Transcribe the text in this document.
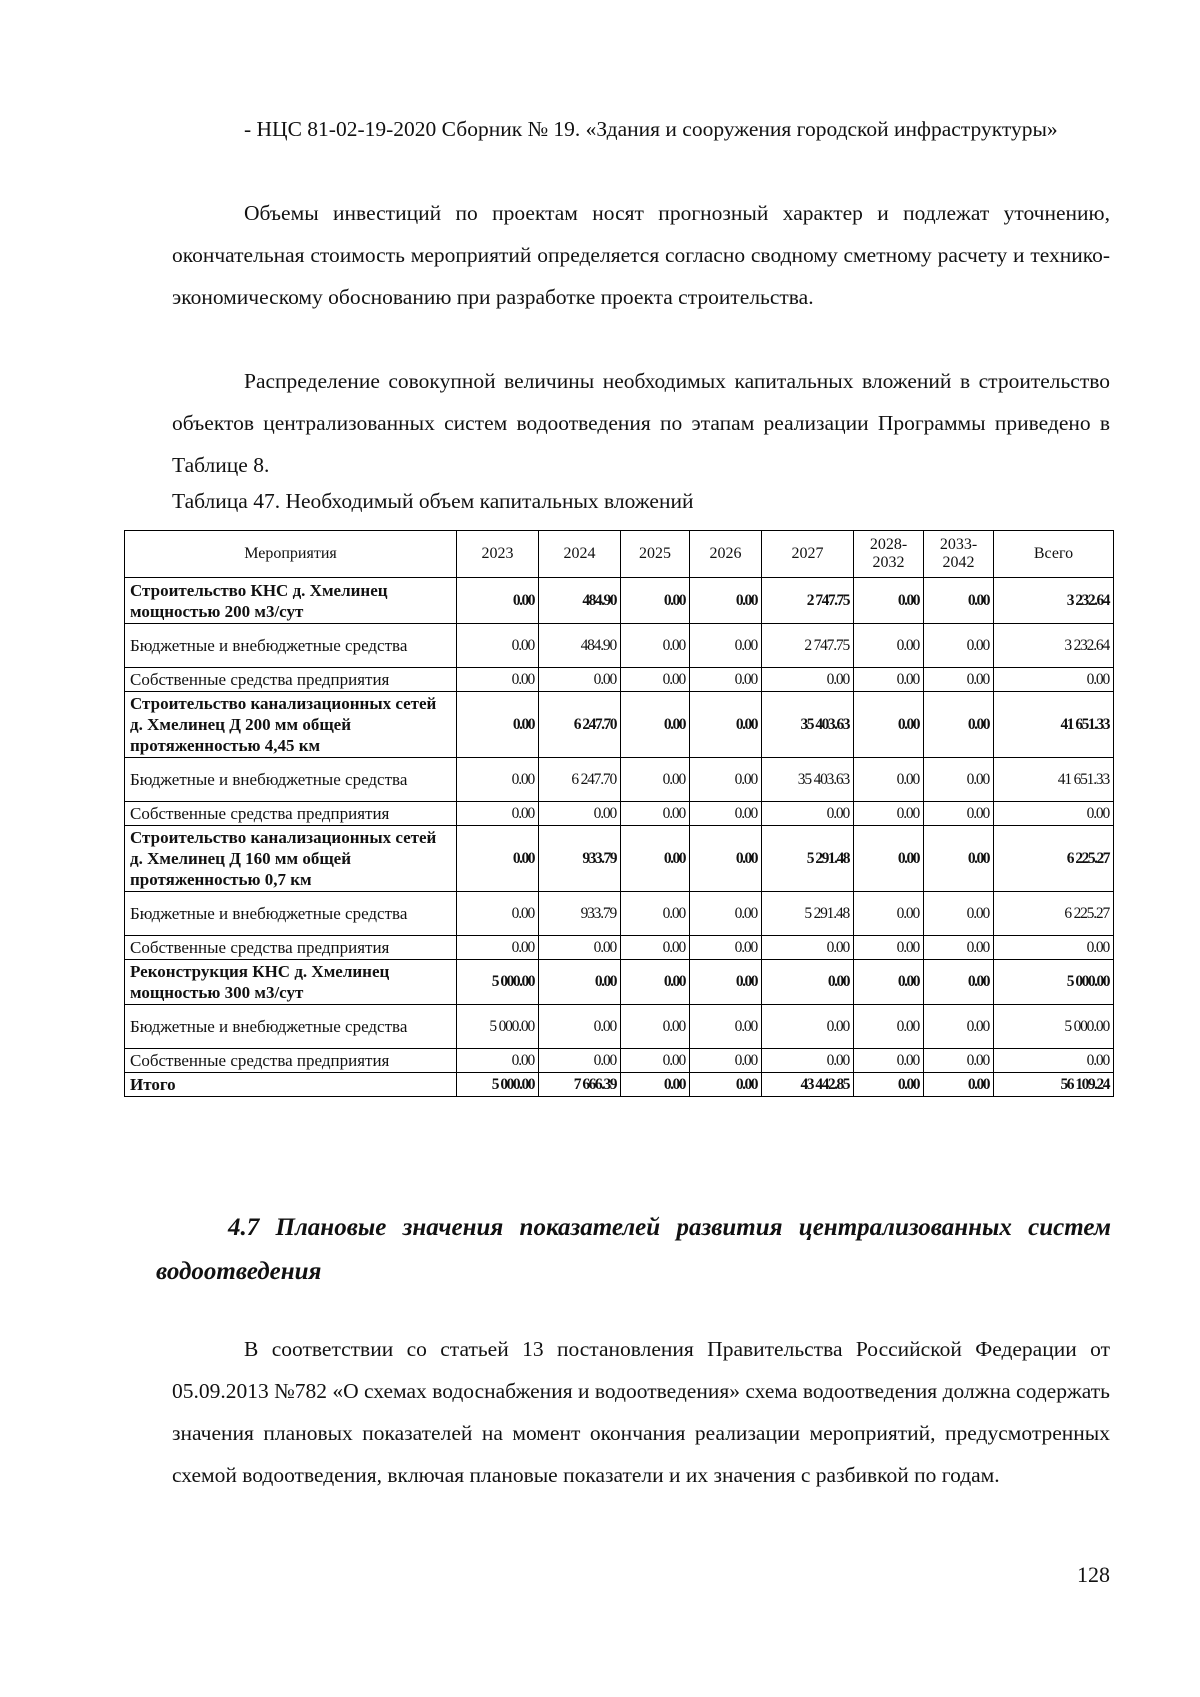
- НЦС 81-02-19-2020 Сборник № 19. «Здания и сооружения городской инфраструктуры»

Объемы инвестиций по проектам носят прогнозный характер и подлежат уточнению, окончательная стоимость мероприятий определяется согласно сводному сметному расчету и технико-экономическому обоснованию при разработке проекта строительства.

Распределение совокупной величины необходимых капитальных вложений в строительство объектов централизованных систем водоотведения по этапам реализации Программы приведено в Таблице 8.

Таблица 47. Необходимый объем капитальных вложений

Мероприятия	2023	2024	2025	2026	2027	2028-2032	2033-2042	Всего
Строительство КНС д. Хмелинец мощностью 200 м3/сут	0.00	484.90	0.00	0.00	2 747.75	0.00	0.00	3 232.64
Бюджетные и внебюджетные средства	0.00	484.90	0.00	0.00	2 747.75	0.00	0.00	3 232.64
Собственные средства предприятия	0.00	0.00	0.00	0.00	0.00	0.00	0.00	0.00
Строительство канализационных сетей д. Хмелинец Д 200 мм общей протяженностью 4,45 км	0.00	6 247.70	0.00	0.00	35 403.63	0.00	0.00	41 651.33
Бюджетные и внебюджетные средства	0.00	6 247.70	0.00	0.00	35 403.63	0.00	0.00	41 651.33
Собственные средства предприятия	0.00	0.00	0.00	0.00	0.00	0.00	0.00	0.00
Строительство канализационных сетей д. Хмелинец Д 160 мм общей протяженностью 0,7 км	0.00	933.79	0.00	0.00	5 291.48	0.00	0.00	6 225.27
Бюджетные и внебюджетные средства	0.00	933.79	0.00	0.00	5 291.48	0.00	0.00	6 225.27
Собственные средства предприятия	0.00	0.00	0.00	0.00	0.00	0.00	0.00	0.00
Реконструкция КНС д. Хмелинец мощностью 300 м3/сут	5 000.00	0.00	0.00	0.00	0.00	0.00	0.00	5 000.00
Бюджетные и внебюджетные средства	5 000.00	0.00	0.00	0.00	0.00	0.00	0.00	5 000.00
Собственные средства предприятия	0.00	0.00	0.00	0.00	0.00	0.00	0.00	0.00
Итого	5 000.00	7 666.39	0.00	0.00	43 442.85	0.00	0.00	56 109.24
4.7 Плановые значения показателей развития централизованных систем водоотведения

В соответствии со статьей 13 постановления Правительства Российской Федерации от 05.09.2013 №782 «О схемах водоснабжения и водоотведения» схема водоотведения должна содержать значения плановых показателей на момент окончания реализации мероприятий, предусмотренных схемой водоотведения, включая плановые показатели и их значения с разбивкой по годам.

128
